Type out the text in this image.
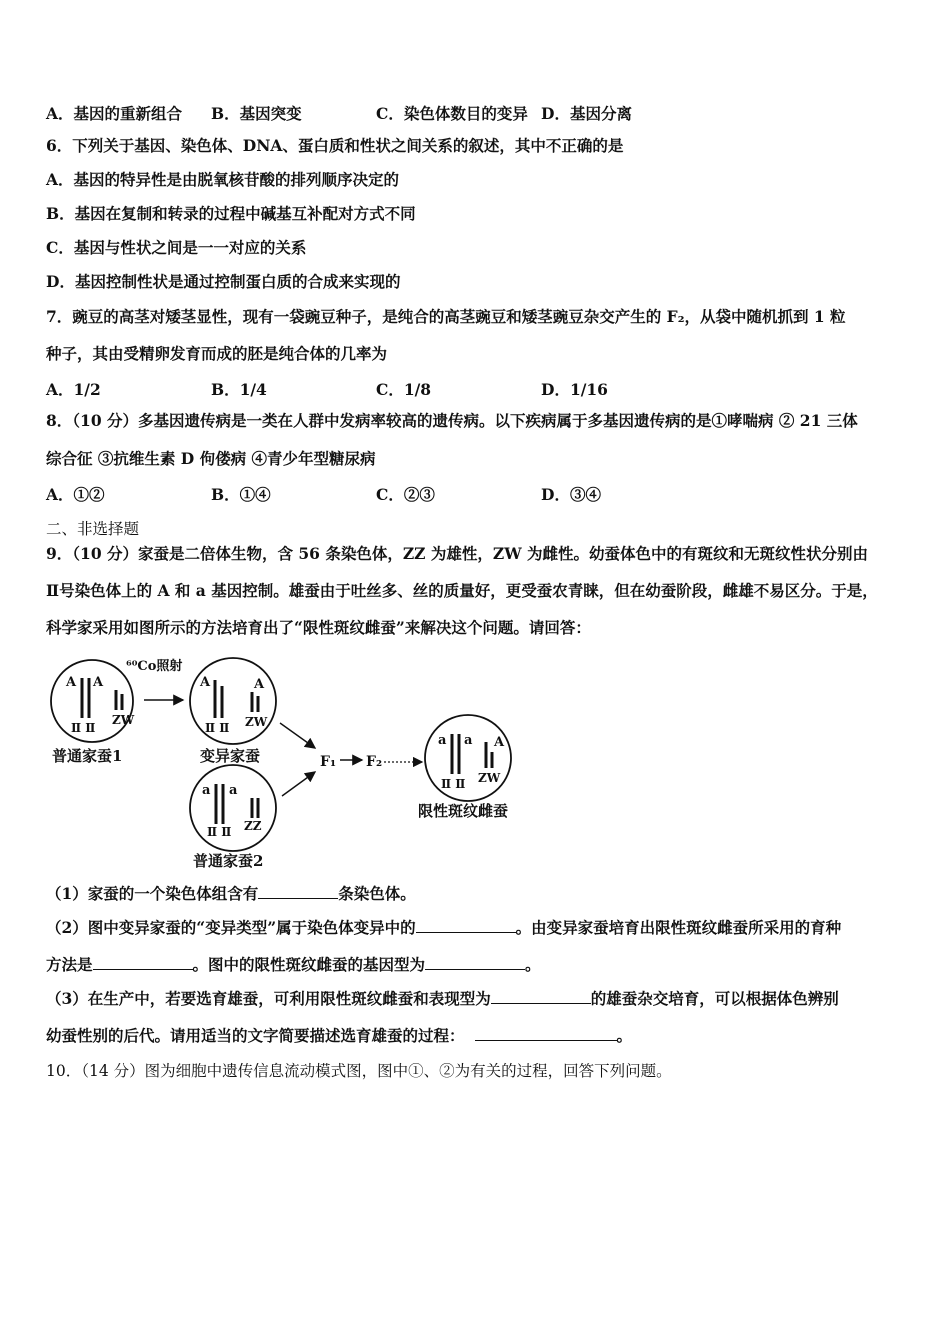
A．基因的重新组合 B．基因突变	C．染色体数目的变异 D．基因分离
6．下列关于基因、染色体、DNA、蛋白质和性状之间关系的叙述，其中不正确的是
A．基因的特异性是由脱氧核苷酸的排列顺序决定的
B．基因在复制和转录的过程中碱基互补配对方式不同
C．基因与性状之间是一一对应的关系
D．基因控制性状是通过控制蛋白质的合成来实现的
7．豌豆的高茎对矮茎显性，现有一袋豌豆种子，是纯合的高茎豌豆和矮茎豌豆杂交产生的 F₂，从袋中随机抓到 1 粒
种子，其由受精卵发育而成的胚是纯合体的几率为
A．1/2	B．1/4	C．1/8	D．1/16
8．（10 分）多基因遗传病是一类在人群中发病率较高的遗传病。以下疾病属于多基因遗传病的是①哮喘病 ② 21 三体
综合征 ③抗维生素 D 佝偻病 ④青少年型糖尿病
A．①②	B．①④	C．②③	D．③④
二、非选择题
9．（10 分）家蚕是二倍体生物，含 56 条染色体，ZZ 为雄性，ZW 为雌性。幼蚕体色中的有斑纹和无斑纹性状分别由
Ⅱ号染色体上的 A 和 a 基因控制。雄蚕由于吐丝多、丝的质量好，更受蚕农青睐，但在幼蚕阶段，雌雄不易区分。于是，
科学家采用如图所示的方法培育出了“限性斑纹雌蚕”来解决这个问题。请回答：
A A
Ⅱ Ⅱ
ZW
普通家蚕1
⁶⁰Co照射
A	A
Ⅱ Ⅱ ZW
变异家蚕
a a
Ⅱ Ⅱ ZZ
普通家蚕2
F₁ F₂
a a A
Ⅱ Ⅱ ZW
限性斑纹雌蚕
（1）家蚕的一个染色体组含有	条染色体。
（2）图中变异家蚕的“变异类型”属于染色体变异中的	。由变异家蚕培育出限性斑纹雌蚕所采用的育种
方法是	。图中的限性斑纹雌蚕的基因型为	。
（3）在生产中，若要选育雄蚕，可利用限性斑纹雌蚕和表现型为	的雄蚕杂交培育，可以根据体色辨别
幼蚕性别的后代。请用适当的文字简要描述选育雄蚕的过程：	。
10．（14 分）图为细胞中遗传信息流动模式图，图中①、②为有关的过程，回答下列问题。
